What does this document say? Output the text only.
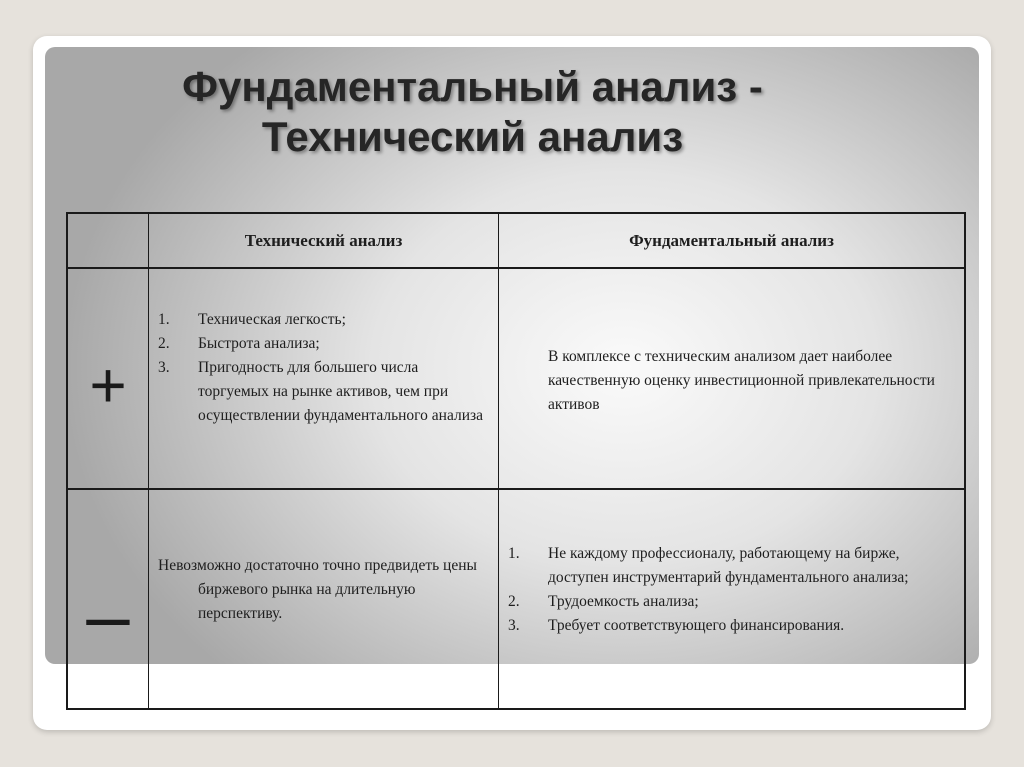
Фундаментальный анализ -
Технический анализ
Технический анализ	Фундаментальный анализ
+
1. Техническая легкость;
2. Быстрота анализа;
3. Пригодность для большего числа торгуемых на рынке активов, чем при осуществлении фундаментального анализа
В комплексе с техническим анализом дает наиболее качественную оценку инвестиционной привлекательности активов
–
Невозможно достаточно точно предвидеть цены биржевого рынка на длительную перспективу.
1. Не каждому профессионалу, работающему на бирже, доступен инструментарий фундаментального анализа;
2. Трудоемкость анализа;
3. Требует соответствующего финансирования.
